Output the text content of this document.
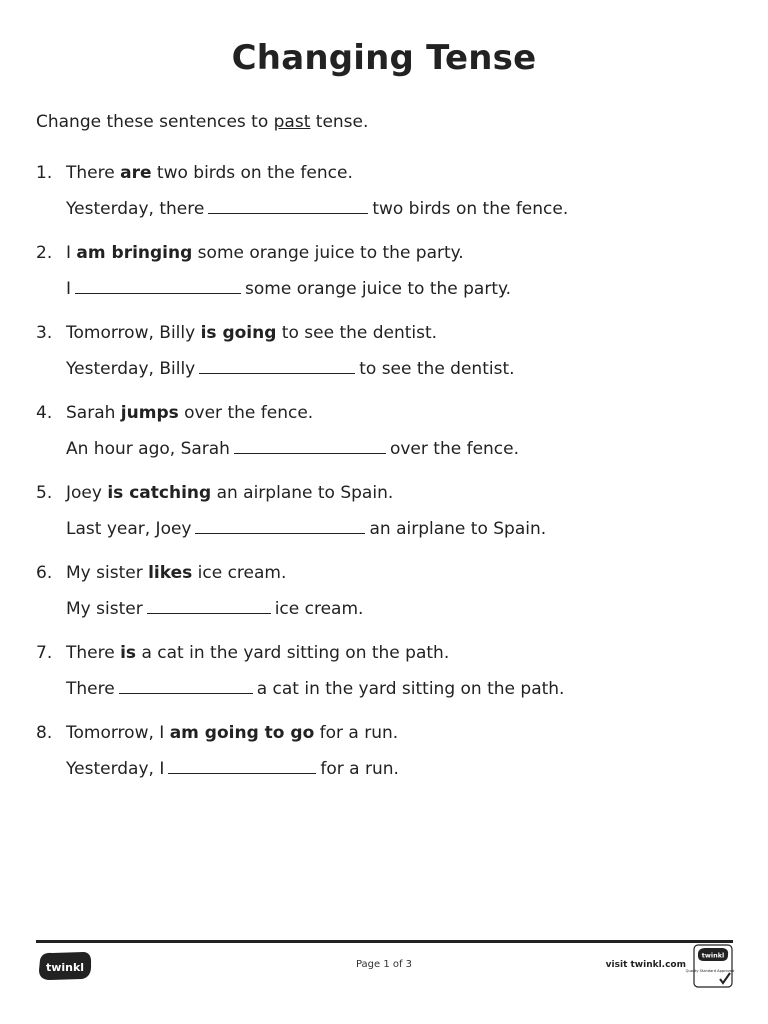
Changing Tense
Change these sentences to past tense.
1. There are two birds on the fence.
Yesterday, there	two birds on the fence.
2. I am bringing some orange juice to the party.
I	some orange juice to the party.
3. Tomorrow, Billy is going to see the dentist.
Yesterday, Billy	to see the dentist.
4. Sarah jumps over the fence.
An hour ago, Sarah	over the fence.
5. Joey is catching an airplane to Spain.
Last year, Joey	an airplane to Spain.
6. My sister likes ice cream.
My sister	ice cream.
7. There is a cat in the yard sitting on the path.
There	a cat in the yard sitting on the path.
8. Tomorrow, I am going to go for a run.
Yesterday, I	for a run.
twinkl	Page 1 of 3	visit twinkl.com
twinkl
Quality Standard Approved
